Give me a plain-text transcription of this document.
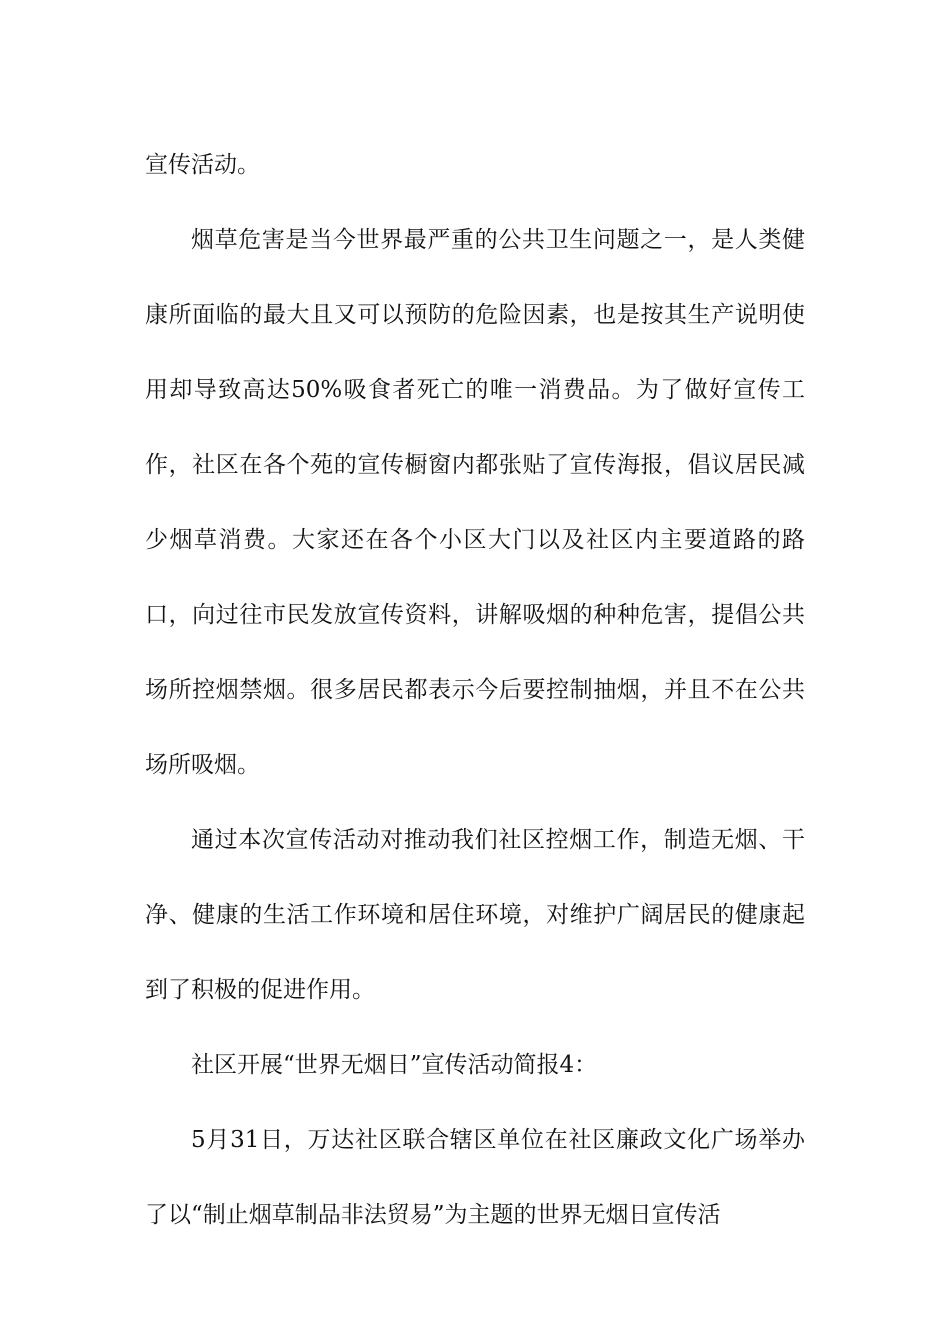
宣传活动。

烟草危害是当今世界最严重的公共卫生问题之一，是人类健康所面临的最大且又可以预防的危险因素，也是按其生产说明使用却导致高达50%吸食者死亡的唯一消费品。为了做好宣传工作，社区在各个苑的宣传橱窗内都张贴了宣传海报，倡议居民减少烟草消费。大家还在各个小区大门以及社区内主要道路的路口，向过往市民发放宣传资料，讲解吸烟的种种危害，提倡公共场所控烟禁烟。很多居民都表示今后要控制抽烟，并且不在公共场所吸烟。

通过本次宣传活动对推动我们社区控烟工作，制造无烟、干净、健康的生活工作环境和居住环境，对维护广阔居民的健康起到了积极的促进作用。

社区开展“世界无烟日”宣传活动简报4：

5月31日，万达社区联合辖区单位在社区廉政文化广场举办了以“制止烟草制品非法贸易”为主题的世界无烟日宣传活
